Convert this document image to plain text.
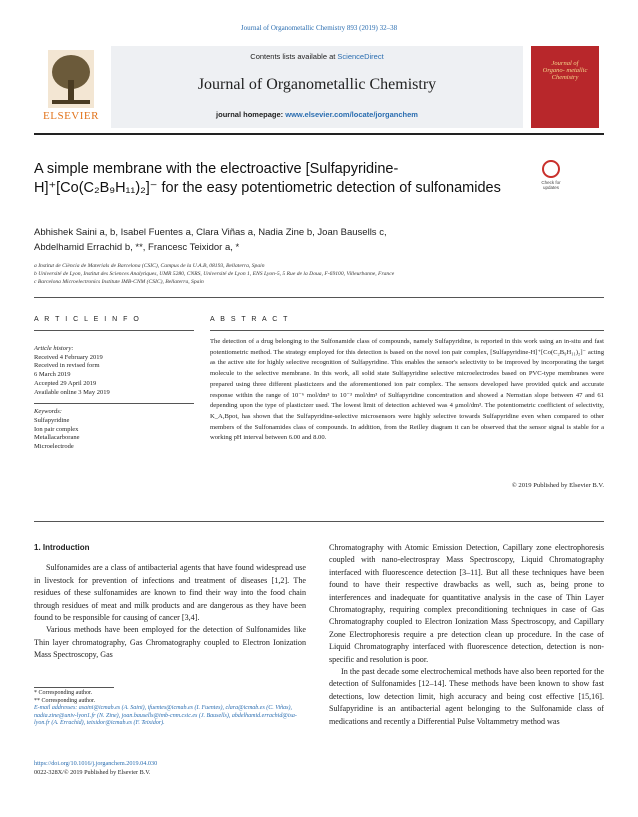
Journal of Organometallic Chemistry 893 (2019) 32–38
ELSEVIER
Contents lists available at ScienceDirect
Journal of Organometallic Chemistry
journal homepage: www.elsevier.com/locate/jorganchem
Journal of Organo- metallic Chemistry
A simple membrane with the electroactive [Sulfapyridine-H]⁺[Co(C₂B₉H₁₁)₂]⁻ for the easy potentiometric detection of sulfonamides	Check for updates
Abhishek Saini a, b, Isabel Fuentes a, Clara Viñas a, Nadia Zine b, Joan Bausells c,
Abdelhamid Errachid b, **, Francesc Teixidor a, *
a Institut de Ciència de Materials de Barcelona (CSIC), Campus de la U.A.B, 08193, Bellaterra, Spain
b Université de Lyon, Institut des Sciences Analytiques, UMR 5280, CNRS, Université de Lyon 1, ENS Lyon-5, 5 Rue de la Doua, F-69100, Villeurbanne, France
c Barcelona Microelectronics Institute IMB-CNM (CSIC), Bellaterra, Spain
A R T I C L E I N F O
Article history:
Received 4 February 2019
Received in revised form
6 March 2019
Accepted 29 April 2019
Available online 3 May 2019
Keywords:
Sulfapyridine
Ion pair complex
Metallacarborane
Microelectrode
A B S T R A C T
The detection of a drug belonging to the Sulfonamide class of compounds, namely Sulfapyridine, is reported in this work using an in-situ and fast potentiometric method. The strategy employed for this detection is based on the novel ion pair complex, [Sulfapyridine-H]⁺[Co(C₂B₉H₁₁)₂]⁻ acting as the active site for highly selective recognition of Sulfapyridine. This enables the sensor's selectivity to be improved by incorporating the target molecule to the selective membrane. In this work, all solid state Sulfapyridine selective microelectrodes based on PVC-type membranes were prepared using three different plasticizers and the aforementioned ion pair complex. The sensors developed have provided quick and accurate response within the range of 10⁻⁶ mol/dm³ to 10⁻³ mol/dm³ of Sulfapyridine concentration and showed a Nernstian slope between 47 and 61 depending upon the type of plasticizer used. The lowest limit of detection achieved was 4 μmol/dm³. The potentiometric coefficient of selectivity, K_A,Bpot, has shown that the Sulfapyridine-selective microsensors were highly selective towards Sulfapyridine even when compared to other members of the Sulfonamides class of compounds. In addition, from the Reilley diagram it can be observed that the sensor signal is stable for a working pH interval between 6.00 and 8.00.
© 2019 Published by Elsevier B.V.
1. Introduction

Sulfonamides are a class of antibacterial agents that have found widespread use in livestock for prevention of infections and treatment of diseases [1,2]. The residues of these sulfonamides are known to find their way into the food chain through residues of meat and milk products and are dangerous as they have been found to be responsible for causing of cancer [3,4].

Various methods have been employed for the detection of Sulfonamides like Thin layer chromatography, Gas Chromatography coupled to Electron Ionization Mass Spectroscopy, Gas

Chromatography with Atomic Emission Detection, Capillary zone electrophoresis coupled with nano-electrospray Mass Spectroscopy, Liquid Chromatography interfaced with fluorescence detection [3–11]. But all these techniques have been found to have their respective drawbacks as well, such as, being prone to interferences and inadequate for quantitative analysis in the case of Thin Layer Chromatography, requiring complex preconditioning techniques in case of Gas Chromatography coupled to Electron Ionization Mass Spectroscopy, and Capillary Zone Electrophoresis require a pre detection clean up procedure. In the case of Liquid Chromatography interfaced with fluorescence detection, detection is non-specific and resolution is poor.

In the past decade some electrochemical methods have also been reported for the detection of Sulfonamides [12–14]. These methods have been known to show fast detections, low detection limit, high accuracy and being cost effective [15,16]. Sulfapyridine is an antibacterial agent belonging to the Sulfonamide class of medications and recently a Differential Pulse Voltammetry method was

* Corresponding author.
** Corresponding author.
E-mail addresses: asaini@icmab.es (A. Saini), ifuentes@icmab.es (I. Fuentes), clara@icmab.es (C. Viñas), nadia.zine@univ-lyon1.fr (N. Zine), joan.bausells@imb-cnm.csic.es (J. Bausells), abdelhamid.errachid@isa-lyon.fr (A. Errachid), teixidor@icmab.es (F. Teixidor).
https://doi.org/10.1016/j.jorganchem.2019.04.030
0022-328X/© 2019 Published by Elsevier B.V.
